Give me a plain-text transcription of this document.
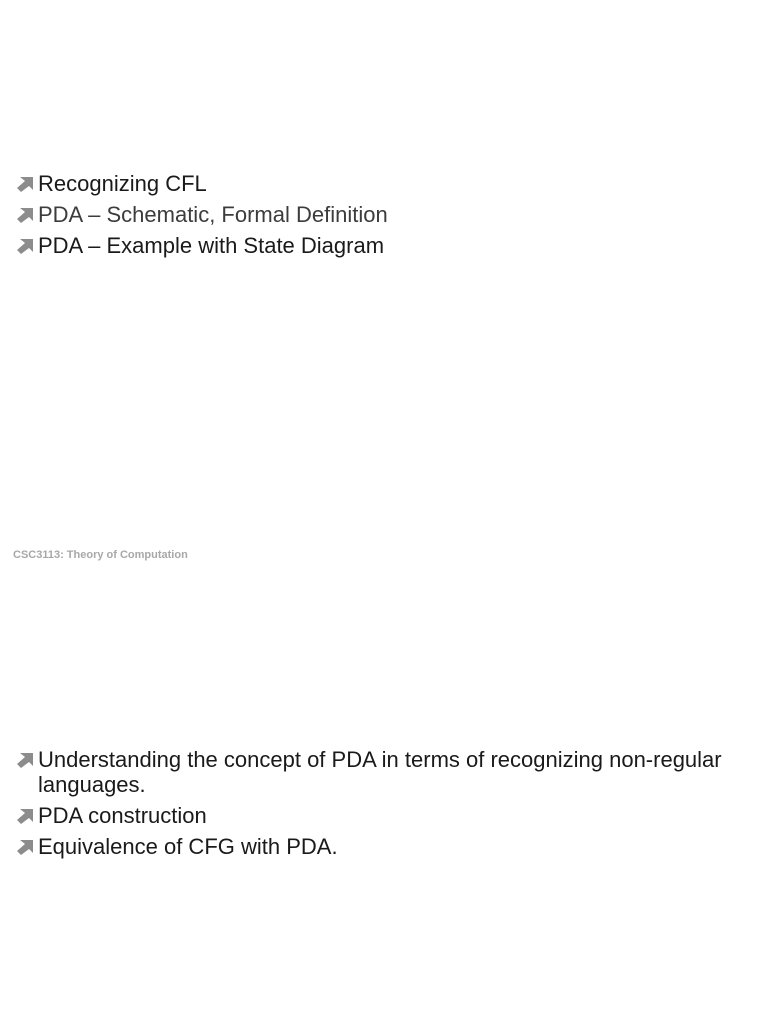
Recognizing CFL
PDA – Schematic, Formal Definition
PDA – Example with State Diagram
CSC3113: Theory of Computation
Understanding the concept of PDA in terms of recognizing non-regular languages.
PDA construction
Equivalence of CFG with PDA.
